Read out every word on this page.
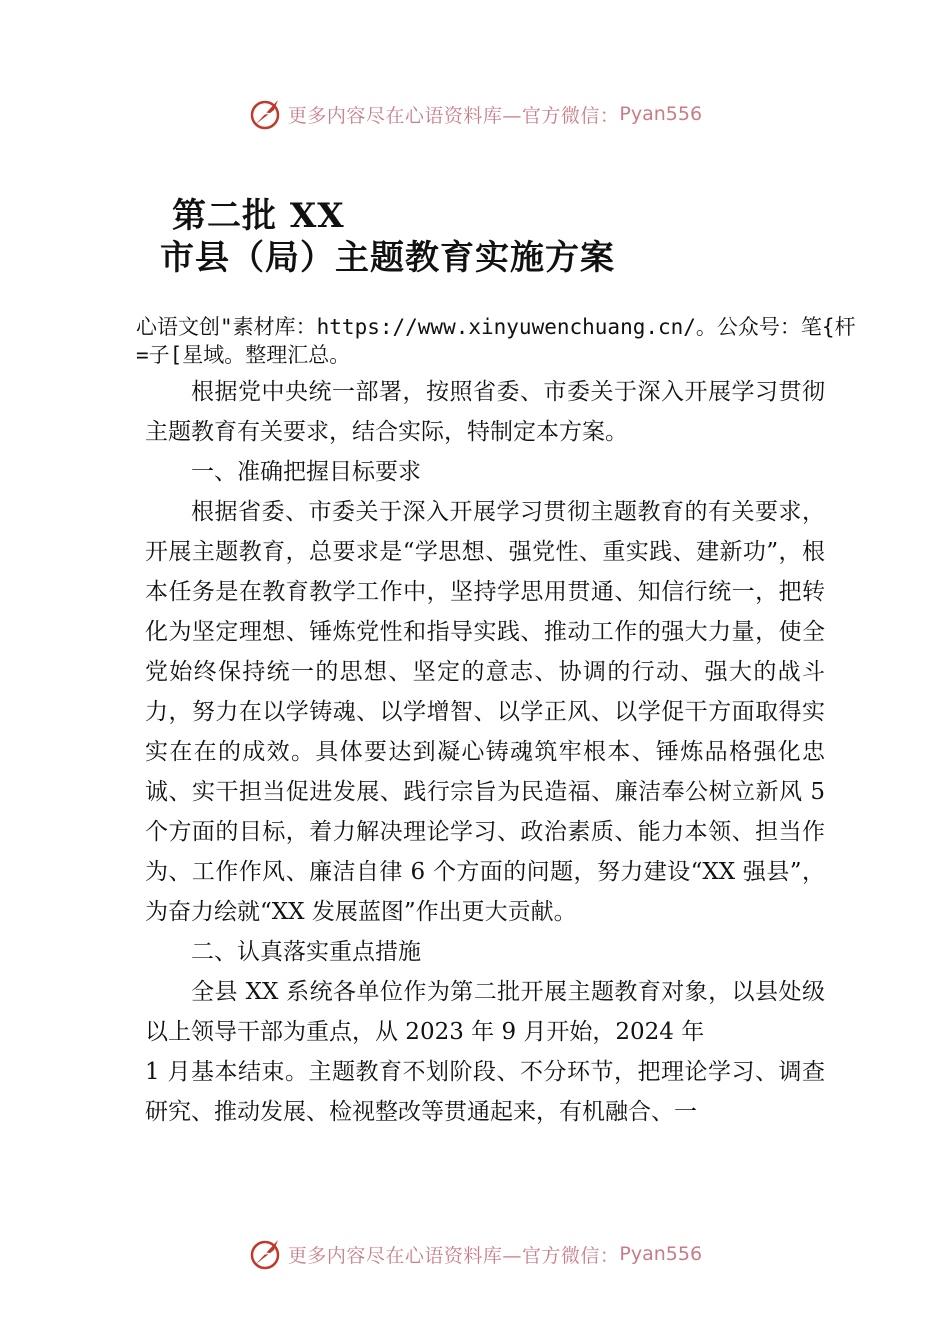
更多内容尽在心语资料库—官方微信： Pyan556
第二批 XX
市县（局）主题教育实施方案
心语文创"素材库：https://www.xinyuwenchuang.cn/。公众号：笔{杆=子[星域。整理汇总。

根据党中央统一部署，按照省委、市委关于深入开展学习贯彻主题教育有关要求，结合实际，特制定本方案。

一、准确把握目标要求

根据省委、市委关于深入开展学习贯彻主题教育的有关要求，开展主题教育，总要求是“学思想、强党性、重实践、建新功”，根本任务是在教育教学工作中，坚持学思用贯通、知信行统一，把转化为坚定理想、锤炼党性和指导实践、推动工作的强大力量，使全党始终保持统一的思想、坚定的意志、协调的行动、强大的战斗力，努力在以学铸魂、以学增智、以学正风、以学促干方面取得实实在在的成效。具体要达到凝心铸魂筑牢根本、锤炼品格强化忠诚、实干担当促进发展、践行宗旨为民造福、廉洁奉公树立新风 5 个方面的目标，着力解决理论学习、政治素质、能力本领、担当作为、工作作风、廉洁自律 6 个方面的问题，努力建设“XX 强县”，为奋力绘就“XX 发展蓝图”作出更大贡献。

二、认真落实重点措施

全县 XX 系统各单位作为第二批开展主题教育对象，以县处级以上领导干部为重点，从 2023 年 9 月开始，2024 年

1 月基本结束。主题教育不划阶段、不分环节，把理论学习、调查研究、推动发展、检视整改等贯通起来，有机融合、一

更多内容尽在心语资料库—官方微信： Pyan556
